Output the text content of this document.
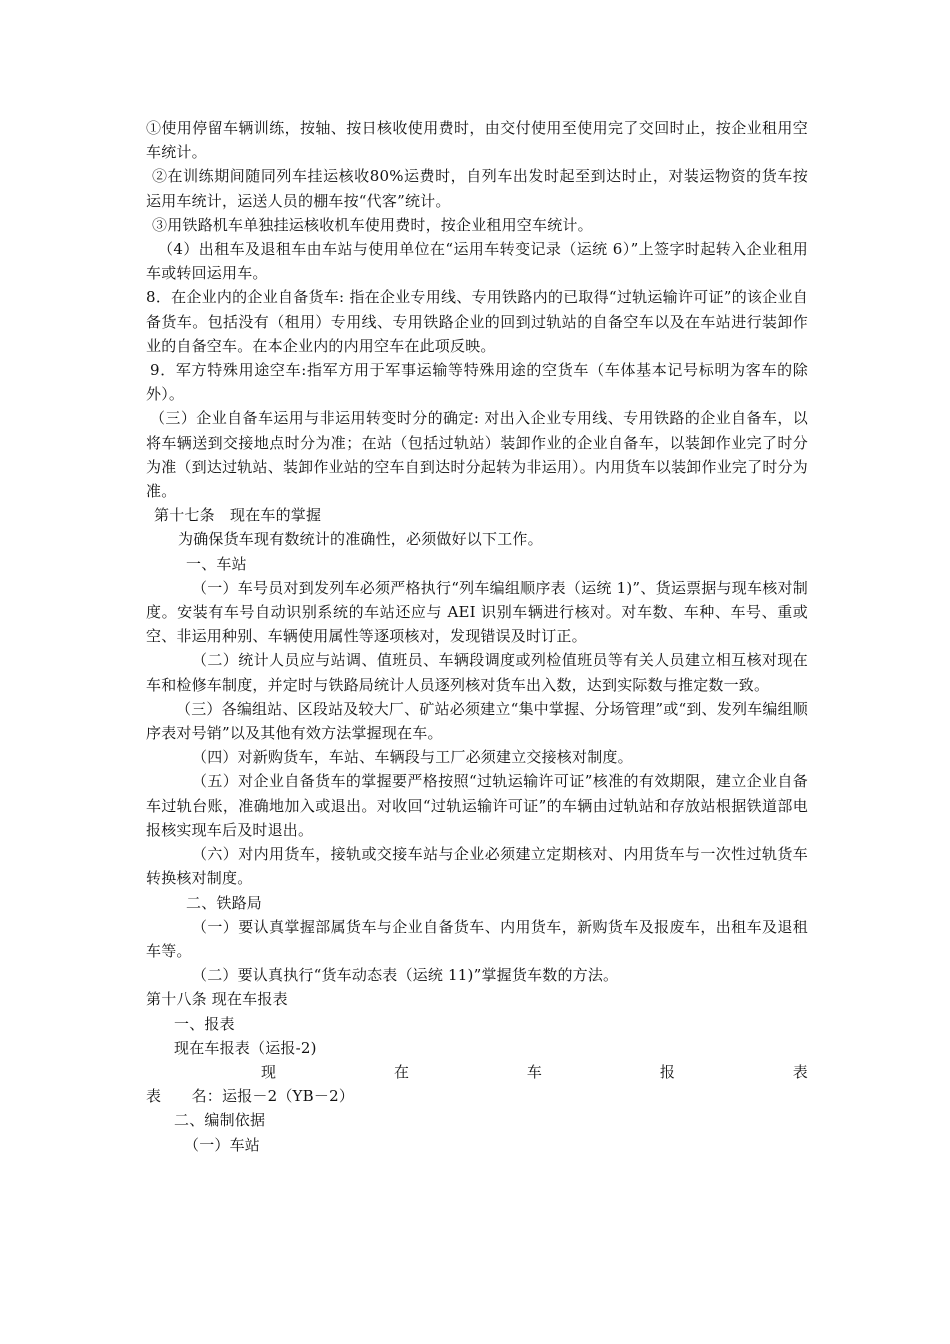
①使用停留车辆训练，按轴、按日核收使用费时，由交付使用至使用完了交回时止，按企业租用空车统计。

②在训练期间随同列车挂运核收80%运费时，自列车出发时起至到达时止，对装运物资的货车按运用车统计，运送人员的棚车按“代客”统计。

③用铁路机车单独挂运核收机车使用费时，按企业租用空车统计。

（4）出租车及退租车由车站与使用单位在“运用车转变记录（运统 6）”上签字时起转入企业租用车或转回运用车。

8．在企业内的企业自备货车: 指在企业专用线、专用铁路内的已取得“过轨运输许可证”的该企业自备货车。包括没有（租用）专用线、专用铁路企业的回到过轨站的自备空车以及在车站进行装卸作业的自备空车。在本企业内的内用空车在此项反映。

9．军方特殊用途空车:指军方用于军事运输等特殊用途的空货车（车体基本记号标明为客车的除外）。

（三）企业自备车运用与非运用转变时分的确定: 对出入企业专用线、专用铁路的企业自备车，以将车辆送到交接地点时分为准；在站（包括过轨站）装卸作业的企业自备车，以装卸作业完了时分为准（到达过轨站、装卸作业站的空车自到达时分起转为非运用）。内用货车以装卸作业完了时分为准。

第十七条　现在车的掌握

为确保货车现有数统计的准确性，必须做好以下工作。

一、车站

（一）车号员对到发列车必须严格执行“列车编组顺序表（运统 1)”、货运票据与现车核对制度。安装有车号自动识别系统的车站还应与 AEI 识别车辆进行核对。对车数、车种、车号、重或空、非运用种别、车辆使用属性等逐项核对，发现错误及时订正。

（二）统计人员应与站调、值班员、车辆段调度或列检值班员等有关人员建立相互核对现在车和检修车制度，并定时与铁路局统计人员逐列核对货车出入数，达到实际数与推定数一致。

（三）各编组站、区段站及较大厂、矿站必须建立“集中掌握、分场管理”或“到、发列车编组顺序表对号销”以及其他有效方法掌握现在车。

（四）对新购货车，车站、车辆段与工厂必须建立交接核对制度。

（五）对企业自备货车的掌握要严格按照“过轨运输许可证”核准的有效期限，建立企业自备车过轨台账，准确地加入或退出。对收回“过轨运输许可证”的车辆由过轨站和存放站根据铁道部电报核实现车后及时退出。

（六）对内用货车，接轨或交接车站与企业必须建立定期核对、内用货车与一次性过轨货车转换核对制度。

二、铁路局

（一）要认真掌握部属货车与企业自备货车、内用货车，新购货车及报废车，出租车及退租车等。

（二）要认真执行“货车动态表（运统 11)”掌握货车数的方法。

第十八条 现在车报表

一、报表

现在车报表（运报-2)

现	在	车	报	表

表　　名：运报－2（YB－2）

二、编制依据

（一）车站
